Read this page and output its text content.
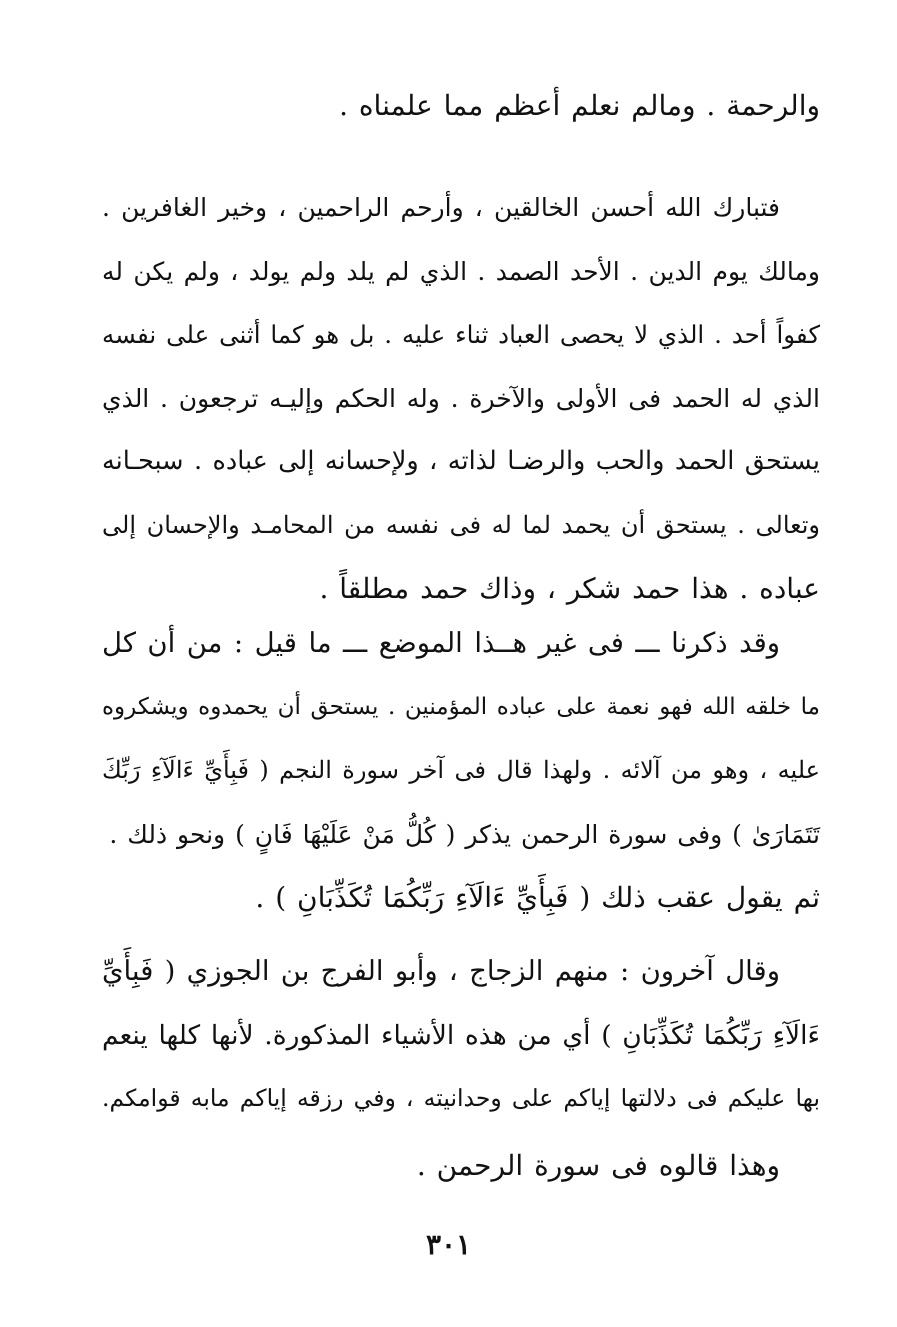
والرحمة . ومالم نعلم أعظم مما علمناه .
فتبارك الله أحسن الخالقين ، وأرحم الراحمين ، وخير الغافرين .
ومالك يوم الدين . الأحد الصمد . الذي لم يلد ولم يولد ، ولم يكن له
كفواً أحد . الذي لا يحصى العباد ثناء عليه . بل هو كما أثنى على نفسه
الذي له الحمد فى الأولى والآخرة . وله الحكم وإليـه ترجعون . الذي
يستحق الحمد والحب والرضـا لذاته ، ولإحسانه إلى عباده . سبحـانه
وتعالى . يستحق أن يحمد لما له فى نفسه من المحامـد والإحسان إلى
عباده . هذا حمد شكر ، وذاك حمد مطلقاً .
وقد ذكرنا ـــ فى غير هــذا الموضع ـــ ما قيل : من أن كل
ما خلقه الله فهو نعمة على عباده المؤمنين . يستحق أن يحمدوه ويشكروه
عليه ، وهو من آلائه . ولهذا قال فى آخر سورة النجم ( فَبِأَيِّ ءَالَآءِ رَبِّكَ
تَتَمَارَىٰ ) وفى سورة الرحمن يذكر ( كُلُّ مَنْ عَلَيْهَا فَانٍ ) ونحو ذلك .
ثم يقول عقب ذلك ( فَبِأَيِّ ءَالَآءِ رَبِّكُمَا تُكَذِّبَانِ ) .
وقال آخرون : منهم الزجاج ، وأبو الفرج بن الجوزي ( فَبِأَيِّ
ءَالَآءِ رَبِّكُمَا تُكَذِّبَانِ ) أي من هذه الأشياء المذكورة. لأنها كلها ينعم
بها عليكم فى دلالتها إياكم على وحدانيته ، وفي رزقه إياكم مابه قوامكم.
وهذا قالوه فى سورة الرحمن .
٣٠١
